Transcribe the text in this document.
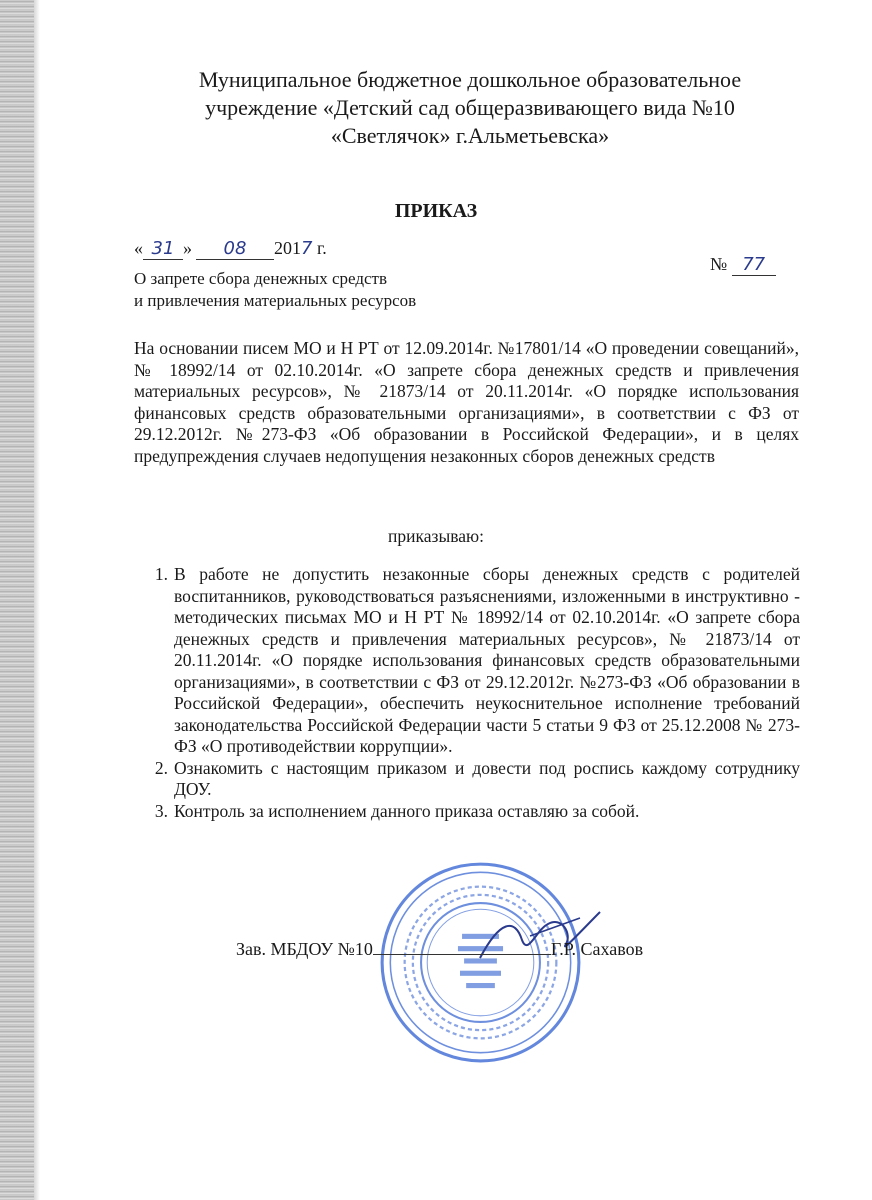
Муниципальное бюджетное дошкольное образовательное
учреждение «Детский сад общеразвивающего вида №10
«Светлячок» г.Альметьевска»
ПРИКАЗ
« 31 » 08 2017 г.
№ 77
О запрете сбора денежных средств
и привлечения материальных ресурсов
На основании писем МО и Н РТ от 12.09.2014г. №17801/14 «О проведении совещаний», № 18992/14 от 02.10.2014г. «О запрете сбора денежных средств и привлечения материальных ресурсов», № 21873/14 от 20.11.2014г. «О порядке использования финансовых средств образовательными организациями», в соответствии с ФЗ от 29.12.2012г. №273-ФЗ «Об образовании в Российской Федерации», и в целях предупреждения случаев недопущения незаконных сборов денежных средств
приказываю:
1. В работе не допустить незаконные сборы денежных средств с родителей воспитанников, руководствоваться разъяснениями, изложенными в инструктивно - методических письмах МО и Н РТ № 18992/14 от 02.10.2014г. «О запрете сбора денежных средств и привлечения материальных ресурсов», № 21873/14 от 20.11.2014г. «О порядке использования финансовых средств образовательными организациями», в соответствии с ФЗ от 29.12.2012г. №273-ФЗ «Об образовании в Российской Федерации», обеспечить неукоснительное исполнение требований законодательства Российской Федерации части 5 статьи 9 ФЗ от 25.12.2008 № 273-ФЗ «О противодействии коррупции».
2. Ознакомить с настоящим приказом и довести под роспись каждому сотруднику ДОУ.
3. Контроль за исполнением данного приказа оставляю за собой.
Зав. МБДОУ №10	Г.Р. Сахавов
